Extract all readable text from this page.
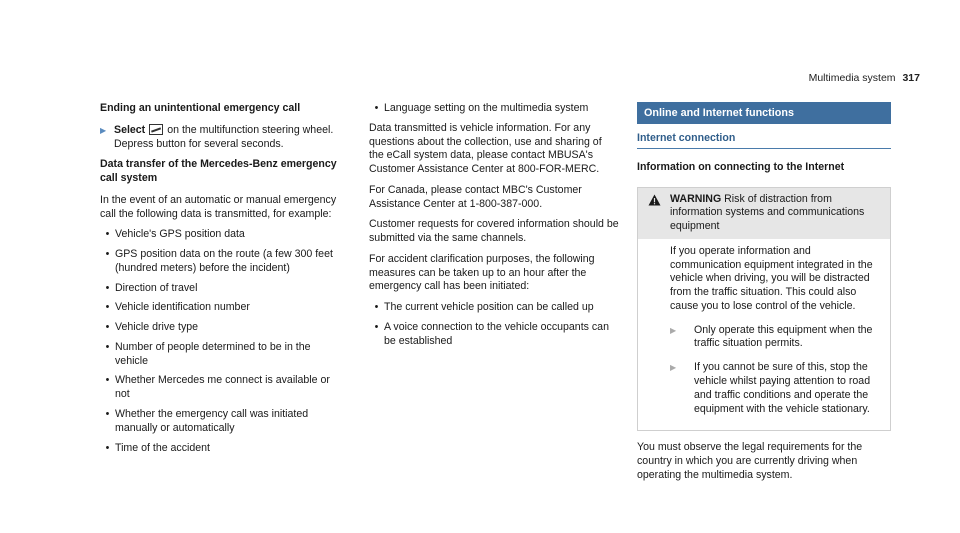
Multimedia system 317
Ending an unintentional emergency call
▶ Select on the multifunction steering wheel. Depress button for several seconds.
Data transfer of the Mercedes-Benz emergency call system

In the event of an automatic or manual emergency call the following data is transmitted, for example:

• Vehicle's GPS position data
• GPS position data on the route (a few 300 feet (hundred meters) before the incident)
• Direction of travel
• Vehicle identification number
• Vehicle drive type
• Number of people determined to be in the vehicle
• Whether Mercedes me connect is available or not
• Whether the emergency call was initiated manually or automatically
• Time of the accident
• Language setting on the multimedia system

Data transmitted is vehicle information. For any questions about the collection, use and sharing of the eCall system data, please contact MBUSA's Customer Assistance Center at 800-FOR-MERC.

For Canada, please contact MBC's Customer Assistance Center at 1-800-387-000.

Customer requests for covered information should be submitted via the same channels.

For accident clarification purposes, the following measures can be taken up to an hour after the emergency call has been initiated:

• The current vehicle position can be called up
• A voice connection to the vehicle occupants can be established
Online and Internet functions
Internet connection
Information on connecting to the Internet
WARNING Risk of distraction from information systems and communications equipment

If you operate information and communication equipment integrated in the vehicle when driving, you will be distracted from the traffic situation. This could also cause you to lose control of the vehicle.

▶	Only operate this equipment when the traffic situation permits.
▶	If you cannot be sure of this, stop the vehicle whilst paying attention to road and traffic conditions and operate the equipment with the vehicle stationary.

You must observe the legal requirements for the country in which you are currently driving when operating the multimedia system.
